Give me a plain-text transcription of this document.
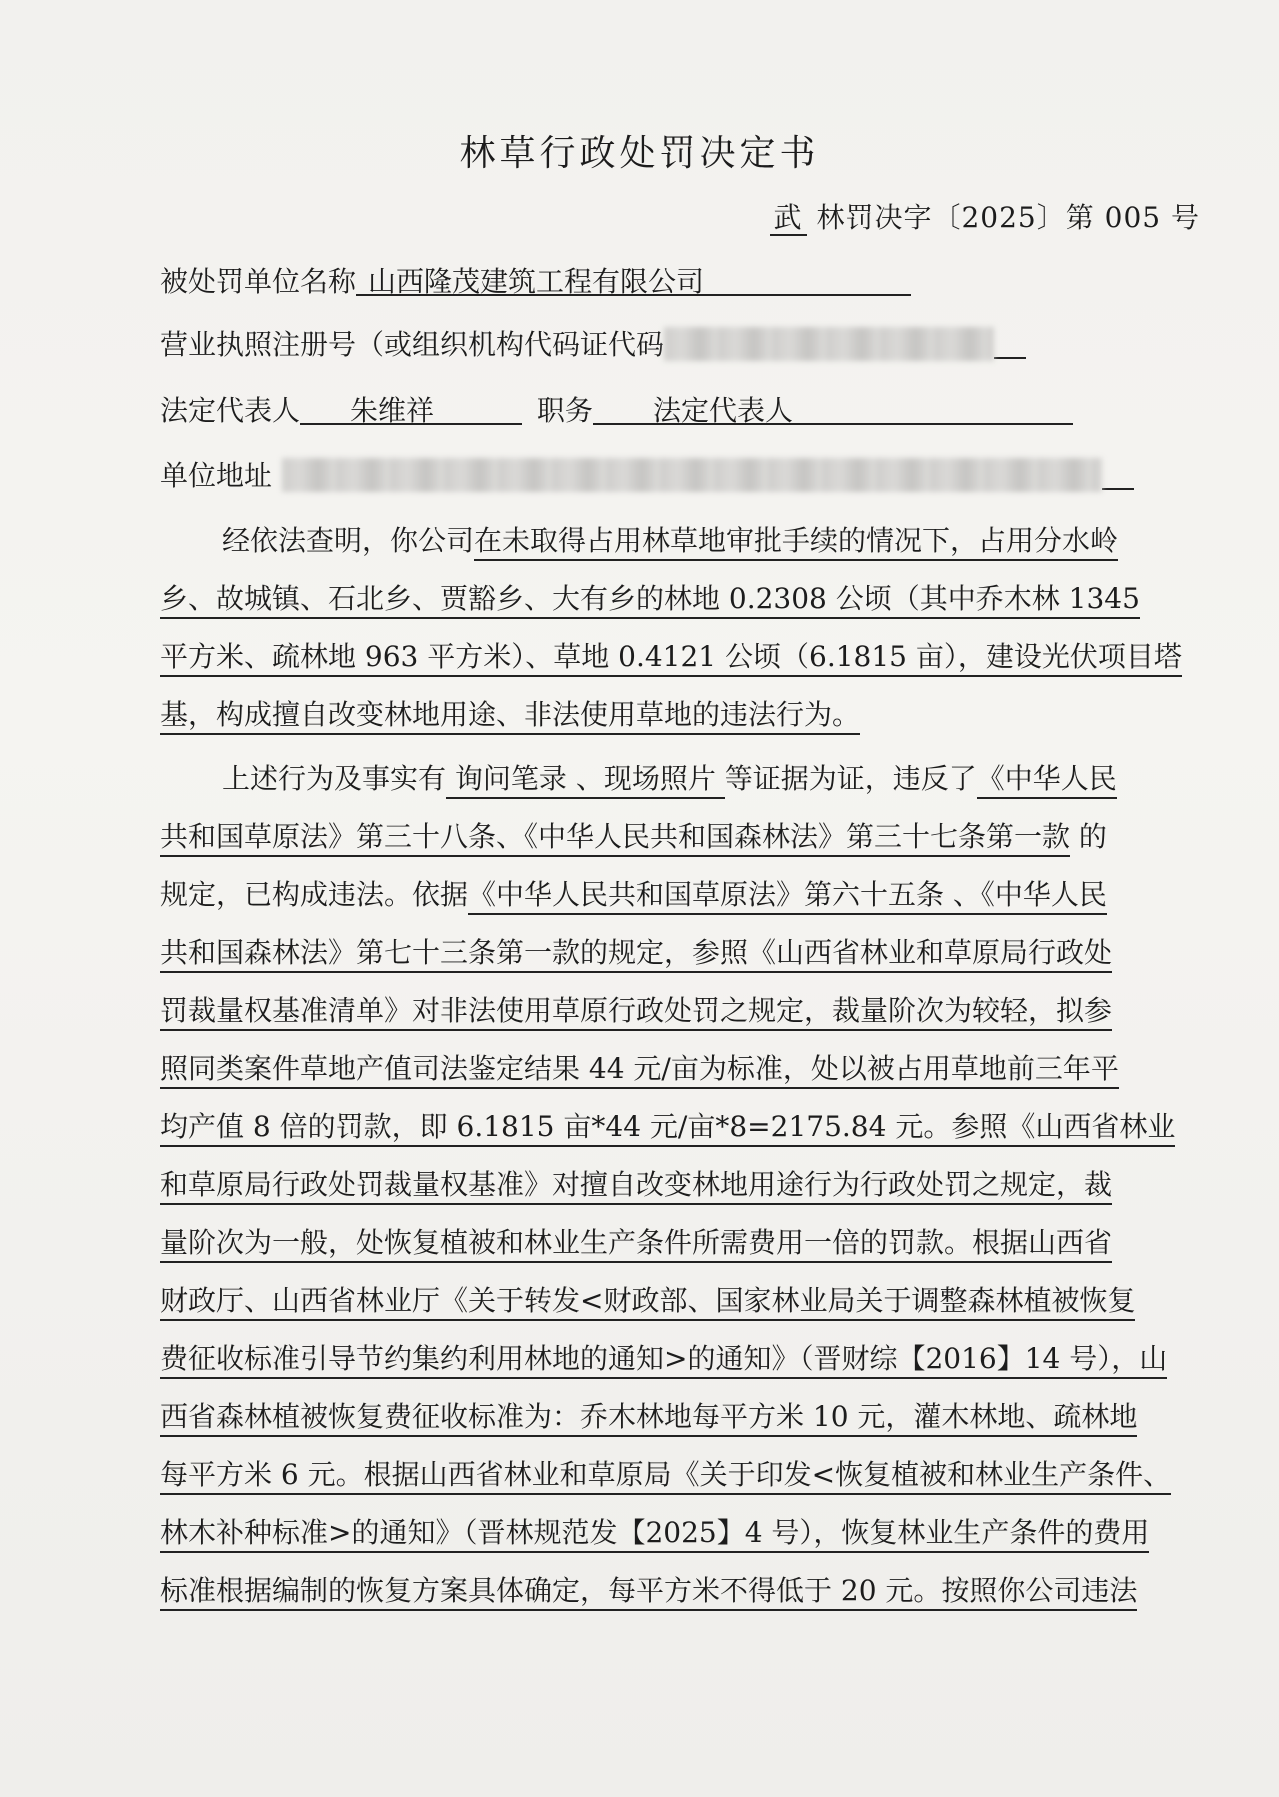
林草行政处罚决定书
武 林罚决字〔2025〕第 005 号
被处罚单位名称 山西隆茂建筑工程有限公司
营业执照注册号（或组织机构代码证代码
法定代表人 朱维祥	职务 法定代表人
单位地址
经依法查明，你公司在未取得占用林草地审批手续的情况下，占用分水岭
乡、故城镇、石北乡、贾豁乡、大有乡的林地 0.2308 公顷（其中乔木林 1345
平方米、疏林地 963 平方米）、草地 0.4121 公顷（6.1815 亩），建设光伏项目塔
基，构成擅自改变林地用途、非法使用草地的违法行为。
上述行为及事实有 询问笔录 、现场照片 等证据为证，违反了《中华人民
共和国草原法》第三十八条、《中华人民共和国森林法》第三十七条第一款 的
规定，已构成违法。依据《中华人民共和国草原法》第六十五条 、《中华人民
共和国森林法》第七十三条第一款的规定，参照《山西省林业和草原局行政处
罚裁量权基准清单》对非法使用草原行政处罚之规定，裁量阶次为较轻，拟参
照同类案件草地产值司法鉴定结果 44 元/亩为标准，处以被占用草地前三年平
均产值 8 倍的罚款，即 6.1815 亩*44 元/亩*8=2175.84 元。参照《山西省林业
和草原局行政处罚裁量权基准》对擅自改变林地用途行为行政处罚之规定，裁
量阶次为一般，处恢复植被和林业生产条件所需费用一倍的罚款。根据山西省
财政厅、山西省林业厅《关于转发<财政部、国家林业局关于调整森林植被恢复
费征收标准引导节约集约利用林地的通知>的通知》（晋财综【2016】14 号），山
西省森林植被恢复费征收标准为：乔木林地每平方米 10 元，灌木林地、疏林地
每平方米 6 元。根据山西省林业和草原局《关于印发<恢复植被和林业生产条件、
林木补种标准>的通知》（晋林规范发【2025】4 号），恢复林业生产条件的费用
标准根据编制的恢复方案具体确定，每平方米不得低于 20 元。按照你公司违法
